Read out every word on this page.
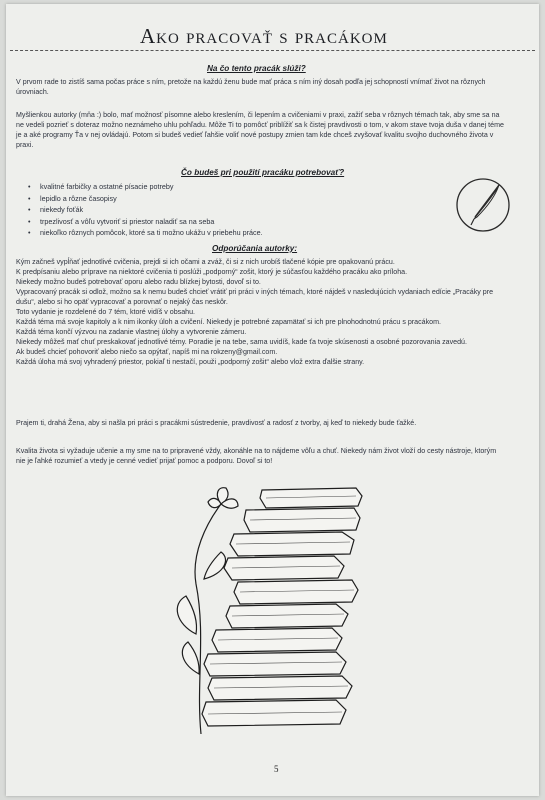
Ako pracovať s pracákom

Na čo tento pracák slúži?

V prvom rade to zistíš sama počas práce s ním, pretože na každú ženu bude mať práca s ním iný dosah podľa jej schopností vnímať život na rôznych úrovniach.

Myšlienkou autorky (mňa :) bolo, mať možnosť písomne alebo kreslením, či lepením a cvičeniami v praxi, zažiť seba v rôznych témach tak, aby sme sa na ne vedeli pozrieť s doteraz možno neznámeho uhlu pohľadu. Môže Ti to pomôcť priblížiť sa k čistej pravdivosti o tom, v akom stave tvoja duša v danej téme je a aké programy Ťa v nej ovládajú. Potom si budeš vedieť ľahšie voliť nové postupy zmien tam kde chceš zvyšovať kvalitu svojho duchovného života v praxi.

Čo budeš pri použití pracáku potrebovať?

• kvalitné farbičky a ostatné písacie potreby
• lepidlo a rôzne časopisy
• niekedy foťák
• trpezlivosť a vôľu vytvoriť si priestor naladiť sa na seba
• niekoľko rôznych pomôcok, ktoré sa ti možno ukážu v priebehu práce.

Odporúčania autorky:

Kým začneš vypĺňať jednotlivé cvičenia, prejdi si ich očami a zváž, či si z nich urobíš tlačené kópie pre opakovanú prácu.
K predpísaniu alebo príprave na niektoré cvičenia ti poslúži „podporný“ zošit, ktorý je súčasťou každého pracáku ako príloha.
Niekedy možno budeš potrebovať oporu alebo radu blízkej bytosti, dovoľ si to.
Vypracovaný pracák si odlož, možno sa k nemu budeš chcieť vrátiť pri práci v iných témach, ktoré nájdeš v nasledujúcich vydaniach edície „Pracáky pre dušu“, alebo si ho opäť vypracovať a porovnať o nejaký čas neskôr.
Toto vydanie je rozdelené do 7 tém, ktoré vidíš v obsahu.
Každá téma má svoje kapitoly a k nim ikonky úloh a cvičení. Niekedy je potrebné zapamätať si ich pre plnohodnotnú prácu s pracákom.
Každá téma končí výzvou na zadanie vlastnej úlohy a vytvorenie zámeru.
Niekedy môžeš mať chuť preskakovať jednotlivé témy. Poradie je na tebe, sama uvidíš, kade ťa tvoje skúsenosti a osobné pozorovania zavedú.
Ak budeš chcieť pohovoriť alebo niečo sa opýtať, napíš mi na rokzeny@gmail.com.
Každá úloha má svoj vyhradený priestor, pokiaľ ti nestačí, použi „podporný zošit“ alebo vlož extra ďalšie strany.

Prajem ti, drahá Žena, aby si našla pri práci s pracákmi sústredenie, pravdivosť a radosť z tvorby, aj keď to niekedy bude ťažké.

Kvalita života si vyžaduje učenie a my sme na to pripravené vždy, akonáhle na to nájdeme vôľu a chuť. Niekedy nám život vloží do cesty nástroje, ktorým nie je ľahké rozumieť a vtedy je cenné vedieť prijať pomoc a podporu. Dovoľ si to!

5
